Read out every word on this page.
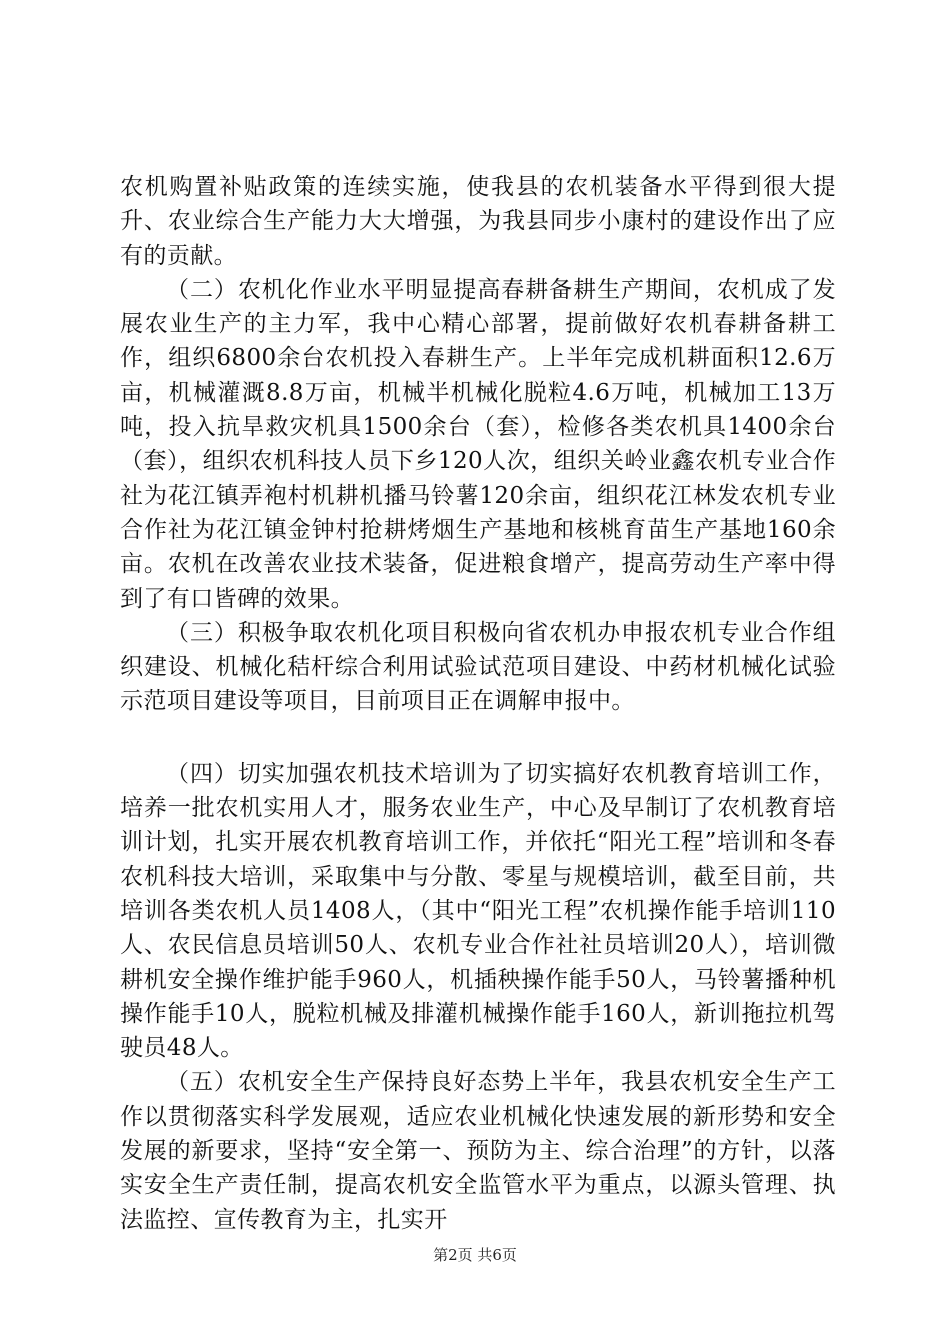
农机购置补贴政策的连续实施，使我县的农机装备水平得到很大提升、农业综合生产能力大大增强，为我县同步小康村的建设作出了应有的贡献。

（二）农机化作业水平明显提高春耕备耕生产期间，农机成了发展农业生产的主力军，我中心精心部署，提前做好农机春耕备耕工作，组织6800余台农机投入春耕生产。上半年完成机耕面积12.6万亩，机械灌溉8.8万亩，机械半机械化脱粒4.6万吨，机械加工13万吨，投入抗旱救灾机具1500余台（套），检修各类农机具1400余台（套），组织农机科技人员下乡120人次，组织关岭业鑫农机专业合作社为花江镇弄袍村机耕机播马铃薯120余亩，组织花江林发农机专业合作社为花江镇金钟村抢耕烤烟生产基地和核桃育苗生产基地160余亩。农机在改善农业技术装备，促进粮食增产，提高劳动生产率中得到了有口皆碑的效果。

（三）积极争取农机化项目积极向省农机办申报农机专业合作组织建设、机械化秸杆综合利用试验试范项目建设、中药材机械化试验示范项目建设等项目，目前项目正在调解申报中。

（四）切实加强农机技术培训为了切实搞好农机教育培训工作，培养一批农机实用人才，服务农业生产，中心及早制订了农机教育培训计划，扎实开展农机教育培训工作，并依托“阳光工程”培训和冬春农机科技大培训，采取集中与分散、零星与规模培训，截至目前，共培训各类农机人员1408人，（其中“阳光工程”农机操作能手培训110人、农民信息员培训50人、农机专业合作社社员培训20人），培训微耕机安全操作维护能手960人，机插秧操作能手50人，马铃薯播种机操作能手10人，脱粒机械及排灌机械操作能手160人，新训拖拉机驾驶员48人。

（五）农机安全生产保持良好态势上半年，我县农机安全生产工作以贯彻落实科学发展观，适应农业机械化快速发展的新形势和安全发展的新要求，坚持“安全第一、预防为主、综合治理”的方针，以落实安全生产责任制，提高农机安全监管水平为重点，以源头管理、执法监控、宣传教育为主，扎实开

第2页 共6页
